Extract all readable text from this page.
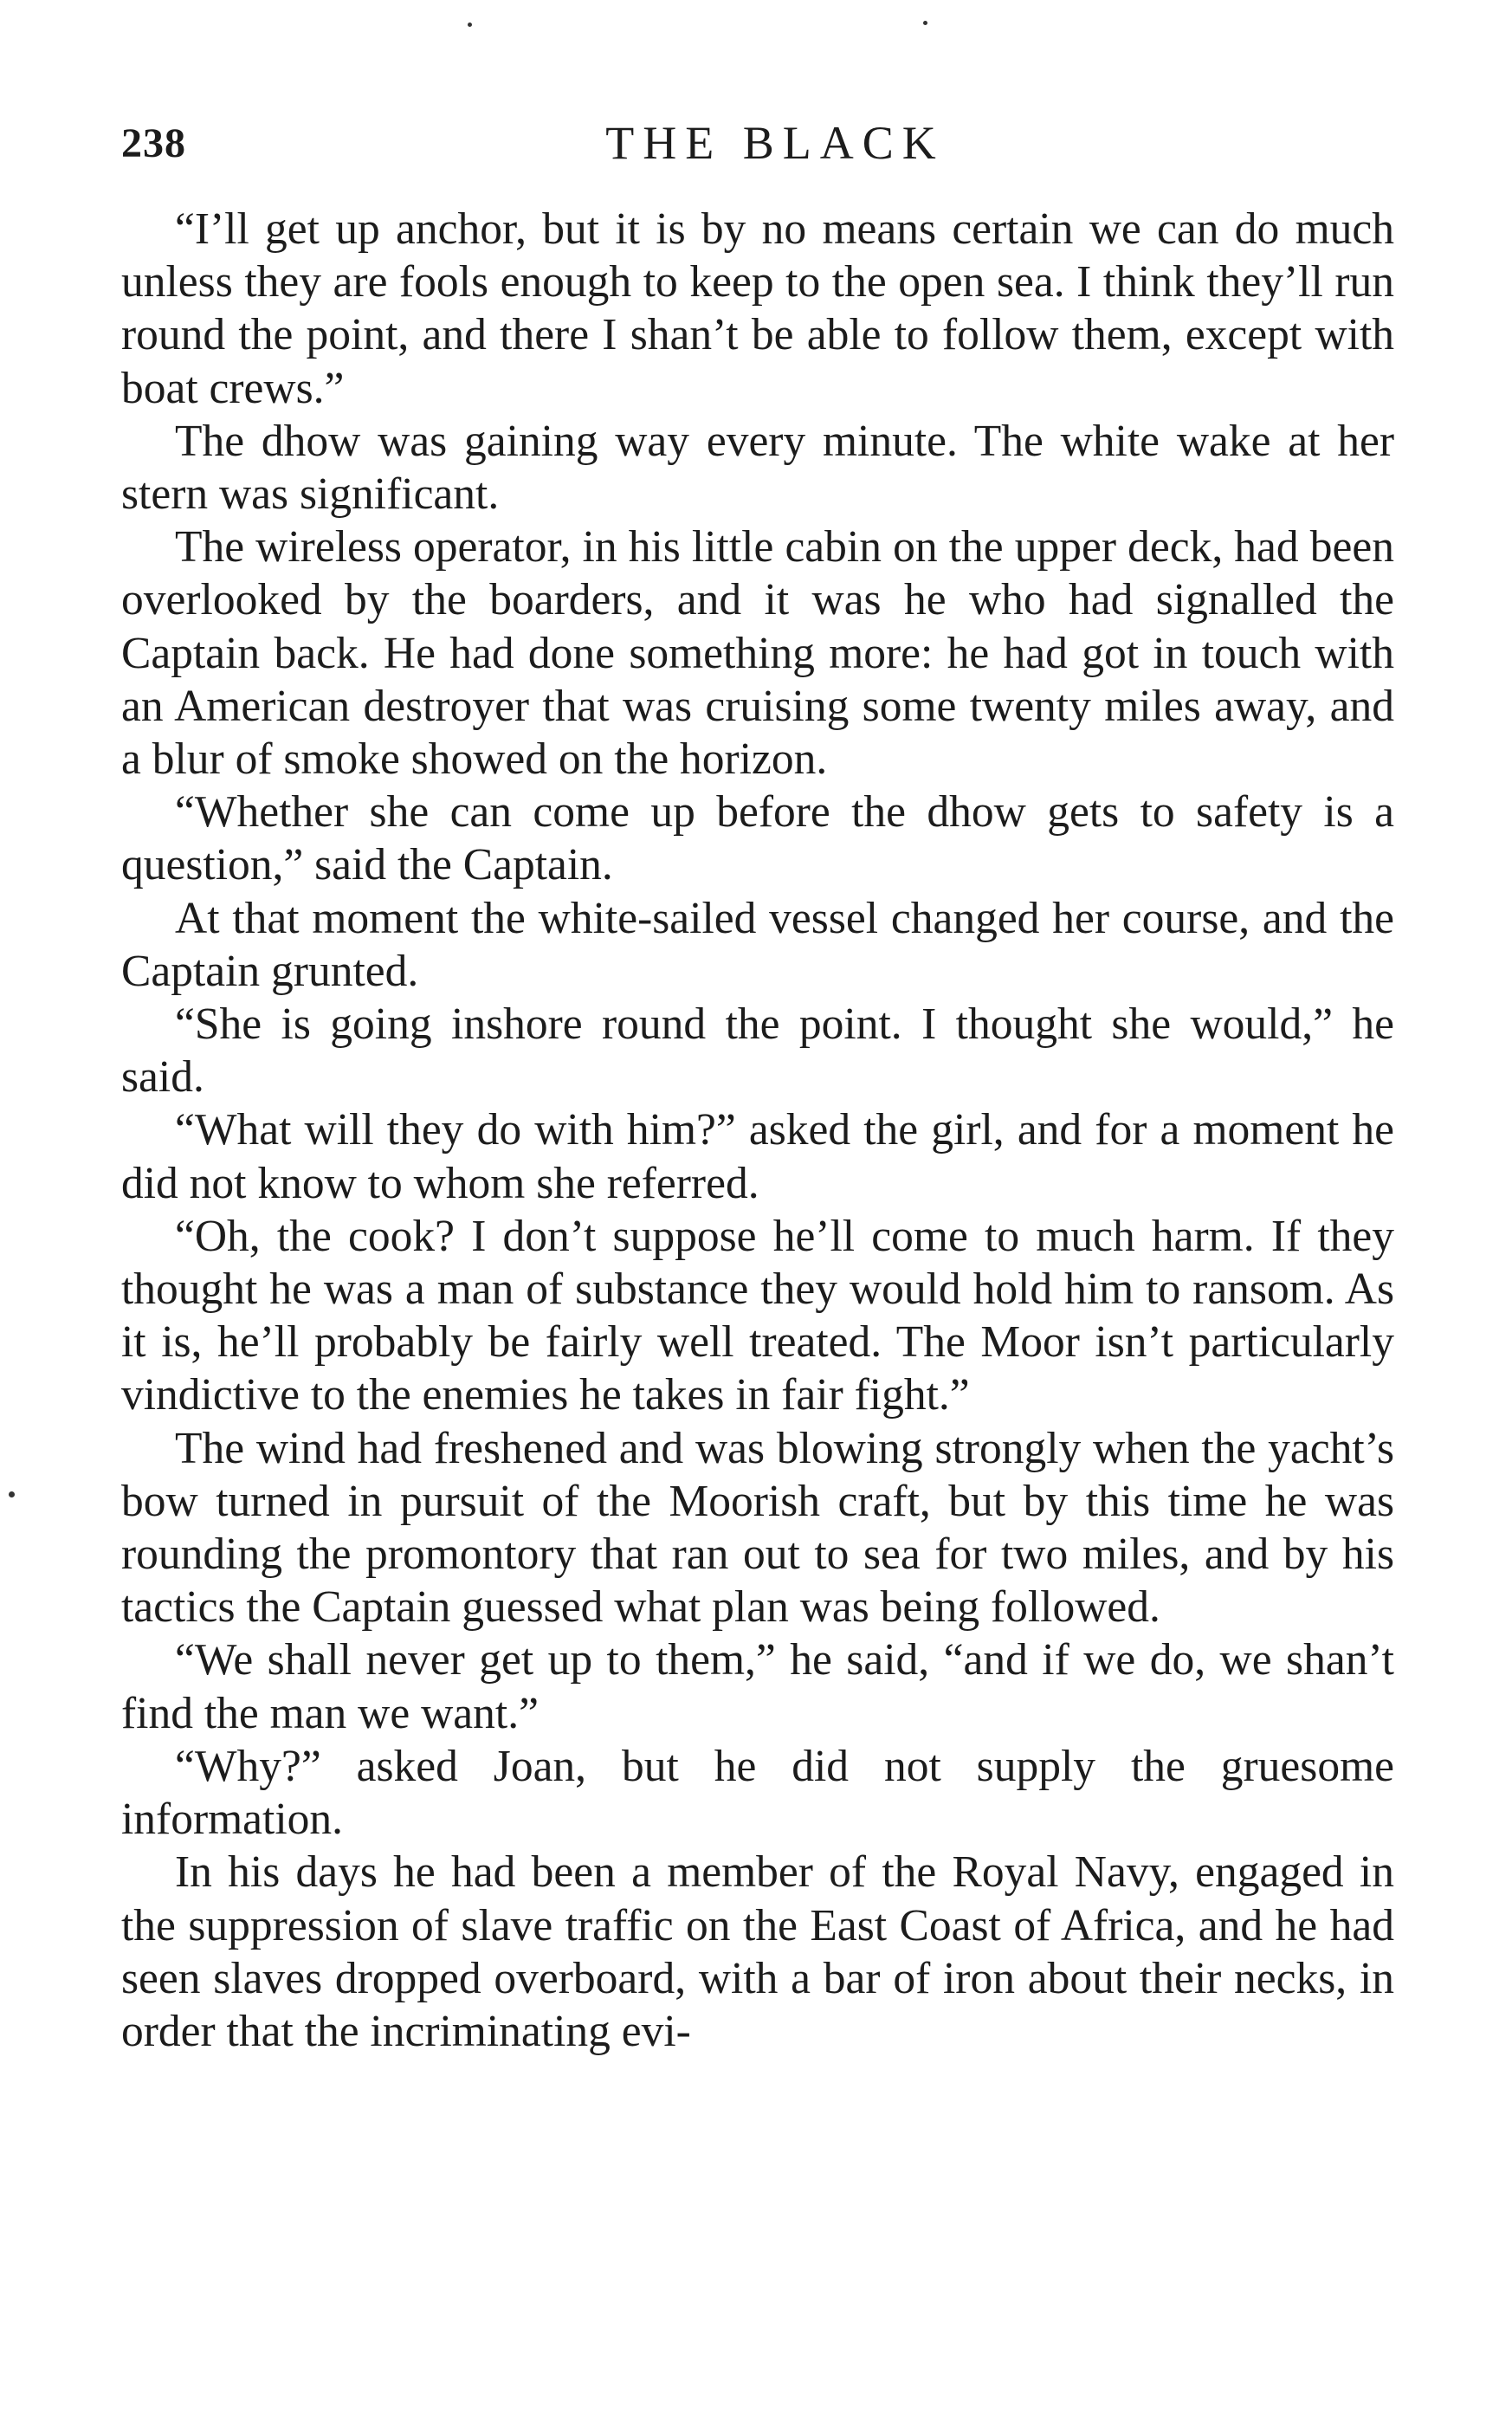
238	THE BLACK

“I’ll get up anchor, but it is by no means certain we can do much unless they are fools enough to keep to the open sea. I think they’ll run round the point, and there I shan’t be able to follow them, except with boat crews.”

The dhow was gaining way every minute. The white wake at her stern was significant.

The wireless operator, in his little cabin on the upper deck, had been overlooked by the boarders, and it was he who had signalled the Captain back. He had done something more: he had got in touch with an American destroyer that was cruising some twenty miles away, and a blur of smoke showed on the horizon.

“Whether she can come up before the dhow gets to safety is a question,” said the Captain.

At that moment the white-sailed vessel changed her course, and the Captain grunted.

“She is going inshore round the point. I thought she would,” he said.

“What will they do with him?” asked the girl, and for a moment he did not know to whom she referred.

“Oh, the cook? I don’t suppose he’ll come to much harm. If they thought he was a man of substance they would hold him to ransom. As it is, he’ll probably be fairly well treated. The Moor isn’t particularly vindictive to the enemies he takes in fair fight.”

The wind had freshened and was blowing strongly when the yacht’s bow turned in pursuit of the Moorish craft, but by this time he was rounding the promontory that ran out to sea for two miles, and by his tactics the Captain guessed what plan was being followed.

“We shall never get up to them,” he said, “and if we do, we shan’t find the man we want.”

“Why?” asked Joan, but he did not supply the gruesome information.

In his days he had been a member of the Royal Navy, engaged in the suppression of slave traffic on the East Coast of Africa, and he had seen slaves dropped overboard, with a bar of iron about their necks, in order that the incriminating evi-
